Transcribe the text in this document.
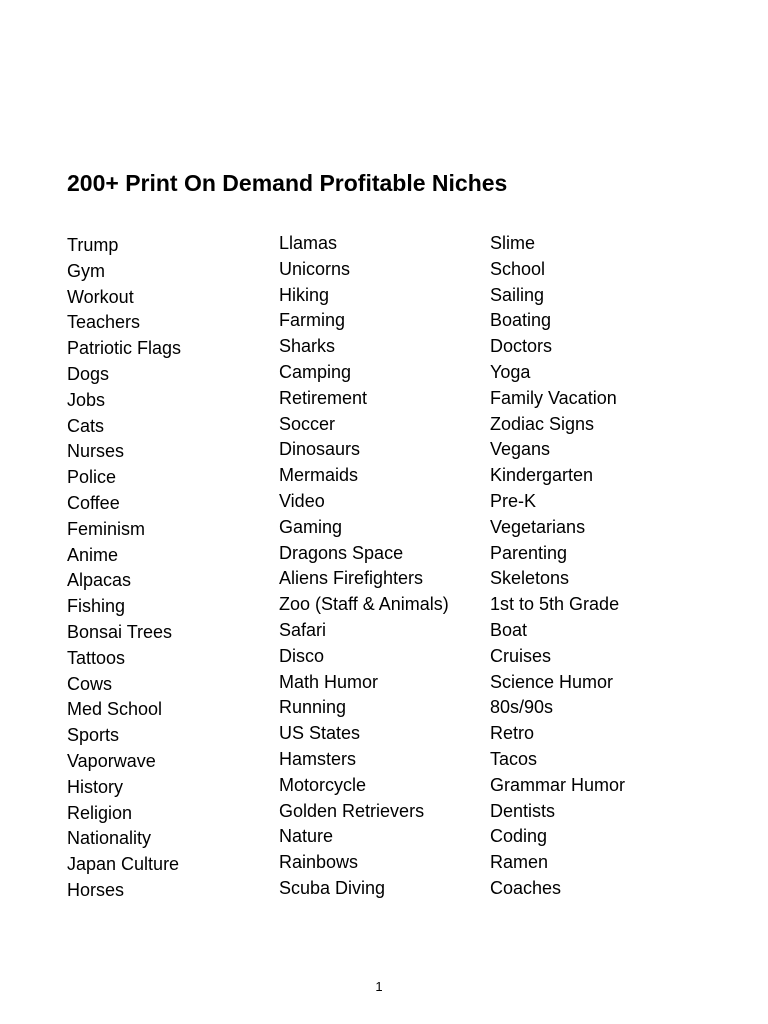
200+ Print On Demand Profitable Niches
Trump
Gym
Workout
Teachers
Patriotic Flags
Dogs
Jobs
Cats
Nurses
Police
Coffee
Feminism
Anime
Alpacas
Fishing
Bonsai Trees
Tattoos
Cows
Med School
Sports
Vaporwave
History
Religion
Nationality
Japan Culture
Horses
Llamas
Unicorns
Hiking
Farming
Sharks
Camping
Retirement
Soccer
Dinosaurs
Mermaids
Video
Gaming
Dragons Space
Aliens Firefighters
Zoo (Staff & Animals)
Safari
Disco
Math Humor
Running
US States
Hamsters
Motorcycle
Golden Retrievers
Nature
Rainbows
Scuba Diving
Slime
School
Sailing
Boating
Doctors
Yoga
Family Vacation
Zodiac Signs
Vegans
Kindergarten
Pre-K
Vegetarians
Parenting
Skeletons
1st to 5th Grade
Boat
Cruises
Science Humor
80s/90s
Retro
Tacos
Grammar Humor
Dentists
Coding
Ramen
Coaches
1
